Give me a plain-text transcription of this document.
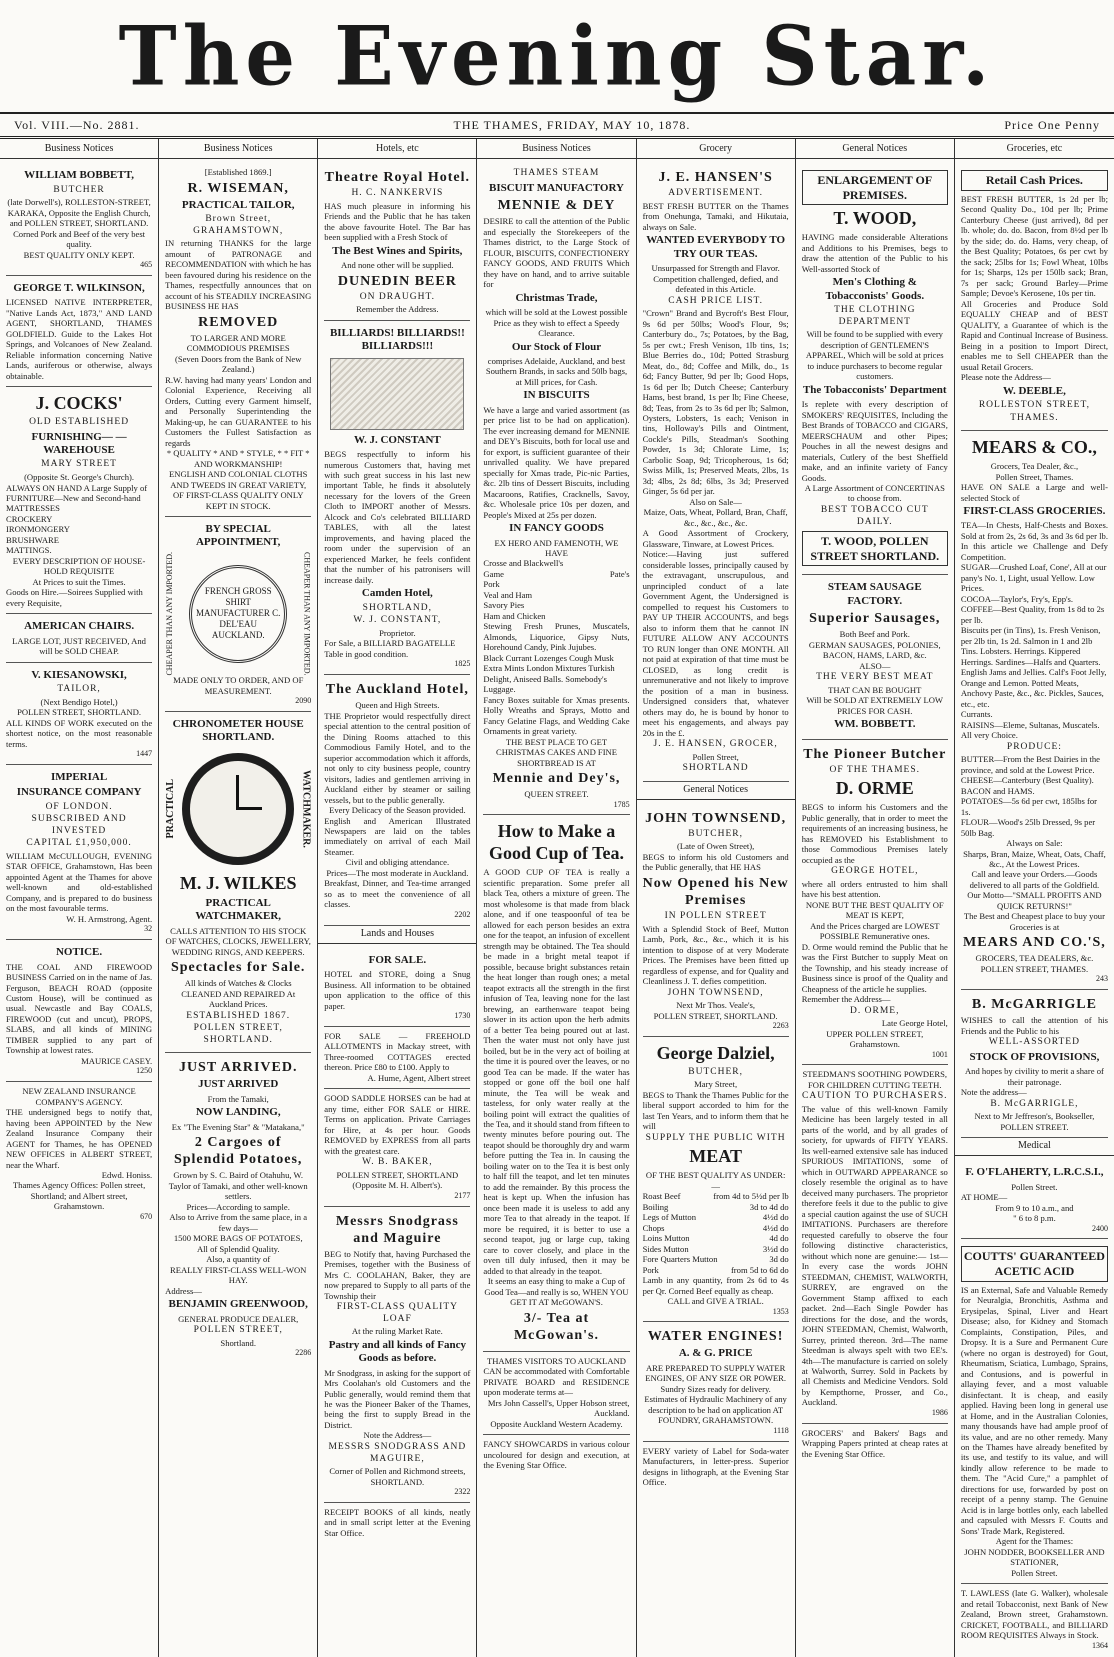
The Evening Star.
Vol. VIII.—No. 2881.	THE THAMES, FRIDAY, MAY 10, 1878.	Price One Penny
Business Notices
WILLIAM BOBBETT,
BUTCHER
(late Dorwell's), ROLLESTON-STREET, KARAKA, Opposite the English Church, and POLLEN STREET, SHORTLAND.
Corned Pork and Beef of the very best quality.
BEST QUALITY ONLY KEPT.
465
GEORGE T. WILKINSON,
LICENSED NATIVE INTERPRETER, "Native Lands Act, 1873," AND LAND AGENT, SHORTLAND, THAMES GOLDFIELD. Guide to the Lakes Hot Springs, and Volcanoes of New Zealand. Reliable information concerning Native Lands, auriferous or otherwise, always obtainable.
J. COCKS'
OLD ESTABLISHED
FURNISHING— —WAREHOUSE
MARY STREET
(Opposite St. George's Church).
ALWAYS ON HAND A Large Supply of FURNITURE—New and Second-hand
MATTRESSES
CROCKERY
IRONMONGERY
BRUSHWARE
MATTINGS.
EVERY DESCRIPTION OF HOUSE-HOLD REQUISITE
At Prices to suit the Times.
Goods on Hire.—Soirees Supplied with every Requisite,
AMERICAN CHAIRS.
LARGE LOT, JUST RECEIVED, And will be SOLD CHEAP.
V. KIESANOWSKI,
TAILOR,
(Next Bendigo Hotel,)
POLLEN STREET, SHORTLAND.
ALL KINDS OF WORK executed on the shortest notice, on the most reasonable terms.
1447
IMPERIAL
INSURANCE COMPANY
OF LONDON.
SUBSCRIBED AND INVESTED
CAPITAL £1,950,000.
WILLIAM McCULLOUGH, EVENING STAR OFFICE, Grahamstown, Has been appointed Agent at the Thames for above well-known and old-established Company, and is prepared to do business on the most favourable terms.
W. H. Armstrong, Agent.
32
NOTICE.
THE COAL AND FIREWOOD BUSINESS Carried on in the name of Jas. Ferguson, BEACH ROAD (opposite Custom House), will be continued as usual. Newcastle and Bay COALS, FIREWOOD (cut and uncut), PROPS, SLABS, and all kinds of MINING TIMBER supplied to any part of Township at lowest rates.
MAURICE CASEY.
1250
NEW ZEALAND INSURANCE COMPANY'S AGENCY.
THE undersigned begs to notify that, having been APPOINTED by the New Zealand Insurance Company their AGENT for Thames, he has OPENED NEW OFFICES in ALBERT STREET, near the Wharf.
Edwd. Honiss.
Thames Agency Offices: Pollen street, Shortland; and Albert street, Grahamstown.
670
Business Notices
[Established 1869.]
R. WISEMAN,
PRACTICAL TAILOR,
Brown Street, GRAHAMSTOWN,
IN returning THANKS for the large amount of PATRONAGE and RECOMMENDATION with which he has been favoured during his residence on the Thames, respectfully announces that on account of his STEADILY INCREASING BUSINESS HE HAS
REMOVED
TO LARGER AND MORE COMMODIOUS PREMISES
(Seven Doors from the Bank of New Zealand.)
R.W. having had many years' London and Colonial Experience, Receiving all Orders, Cutting every Garment himself, and Personally Superintending the Making-up, he can GUARANTEE to his Customers the Fullest Satisfaction as regards
* QUALITY * AND * STYLE, * * FIT * AND WORKMANSHIP!
ENGLISH AND COLONIAL CLOTHS AND TWEEDS IN GREAT VARIETY, OF FIRST-CLASS QUALITY ONLY KEPT IN STOCK.
BY SPECIAL APPOINTMENT,
CHEAPER THAN ANY IMPORTED.	FRENCH GROSS SHIRT MANUFACTURER C. DEL'EAU AUCKLAND.	CHEAPER THAN ANY IMPORTED.
MADE ONLY TO ORDER, AND OF MEASUREMENT.
2090
CHRONOMETER HOUSE SHORTLAND.
PRACTICAL	WATCHMAKER.
M. J. WILKES
PRACTICAL WATCHMAKER,
CALLS ATTENTION TO HIS STOCK OF WATCHES, CLOCKS, JEWELLERY, WEDDING RINGS, AND KEEPERS.
Spectacles for Sale.
All kinds of Watches & Clocks CLEANED AND REPAIRED At Auckland Prices.
ESTABLISHED 1867.
POLLEN STREET, SHORTLAND.
JUST ARRIVED.
JUST ARRIVED
From the Tamaki,
NOW LANDING,
Ex "The Evening Star" & "Matakana,"
2 Cargoes of Splendid Potatoes,
Grown by S. C. Baird of Otahuhu, W. Taylor of Tamaki, and other well-known settlers.
Prices—According to sample.
Also to Arrive from the same place, in a few days—
1500 MORE BAGS OF POTATOES,
All of Splendid Quality.
Also, a quantity of
REALLY FIRST-CLASS WELL-WON HAY.
Address—
BENJAMIN GREENWOOD,
GENERAL PRODUCE DEALER,
POLLEN STREET,
Shortland.
2286
Hotels, etc
Theatre Royal Hotel.
H. C. NANKERVIS
HAS much pleasure in informing his Friends and the Public that he has taken the above favourite Hotel. The Bar has been supplied with a Fresh Stock of
The Best Wines and Spirits,
And none other will be supplied.
DUNEDIN BEER
ON DRAUGHT.
Remember the Address.
BILLIARDS! BILLIARDS!! BILLIARDS!!!
W. J. CONSTANT
BEGS respectfully to inform his numerous Customers that, having met with such great success in his last new important Table, he finds it absolutely necessary for the lovers of the Green Cloth to IMPORT another of Messrs. Alcock and Co's celebrated BILLIARD TABLES, with all the latest improvements, and having placed the room under the supervision of an experienced Marker, he feels confident that the number of his patronisers will increase daily.
Camden Hotel,
SHORTLAND,
W. J. CONSTANT,
Proprietor.
For Sale, a BILLIARD BAGATELLE Table in good condition.
1825
The Auckland Hotel,
Queen and High Streets.
THE Proprietor would respectfully direct special attention to the central position of the Dining Rooms attached to this Commodious Family Hotel, and to the superior accommodation which it affords, not only to city business people, country visitors, ladies and gentlemen arriving in Auckland either by steamer or sailing vessels, but to the public generally.
Every Delicacy of the Season provided.
English and American Illustrated Newspapers are laid on the tables immediately on arrival of each Mail Steamer.
Civil and obliging attendance.
Prices—The most moderate in Auckland.
Breakfast, Dinner, and Tea-time arranged so as to meet the convenience of all classes.
2202
Lands and Houses
FOR SALE.
HOTEL and STORE, doing a Snug Business. All information to be obtained upon application to the office of this paper.
1730
FOR SALE — FREEHOLD ALLOTMENTS in Mackay street, with Three-roomed COTTAGES erected thereon. Price £80 to £100. Apply to
A. Hume, Agent, Albert street
GOOD SADDLE HORSES can be had at any time, either FOR SALE or HIRE. Terms on application. Private Carriages for Hire, at 4s per hour. Goods REMOVED by EXPRESS from all parts with the greatest care.
W. B. BAKER,
POLLEN STREET, SHORTLAND
(Opposite M. H. Albert's).
2177
Messrs Snodgrass and Maguire
BEG to Notify that, having Purchased the Premises, together with the Business of Mrs C. COOLAHAN, Baker, they are now prepared to Supply to all parts of the Township their
FIRST-CLASS QUALITY LOAF
At the ruling Market Rate.
Pastry and all kinds of Fancy Goods as before.
Mr Snodgrass, in asking for the support of Mrs Coolahan's old Customers and the Public generally, would remind them that he was the Pioneer Baker of the Thames, being the first to supply Bread in the District.
Note the Address—
MESSRS SNODGRASS AND MAGUIRE,
Corner of Pollen and Richmond streets, SHORTLAND.
2322
RECEIPT BOOKS of all kinds, neatly and in small script letter at the Evening Star Office.
Business Notices
THAMES STEAM
BISCUIT MANUFACTORY
MENNIE & DEY
DESIRE to call the attention of the Public and especially the Storekeepers of the Thames district, to the Large Stock of FLOUR, BISCUITS, CONFECTIONERY FANCY GOODS, AND FRUITS Which they have on hand, and to arrive suitable for
Christmas Trade,
which will be sold at the Lowest possible Price as they wish to effect a Speedy Clearance.
Our Stock of Flour
comprises Adelaide, Auckland, and best Southern Brands, in sacks and 50lb bags, at Mill prices, for Cash.
IN BISCUITS
We have a large and varied assortment (as per price list to be had on application). The ever increasing demand for MENNIE and DEY's Biscuits, both for local use and for export, is sufficient guarantee of their unrivalled quality. We have prepared specially for Xmas trade, Pic-nic Parties, &c. 2lb tins of Dessert Biscuits, including Macaroons, Ratifies, Cracknells, Savoy, &c. Wholesale price 10s per dozen, and People's Mixed at 25s per dozen.
IN FANCY GOODS
EX HERO AND FAMENOTH, WE HAVE
Crosse and Blackwell's
Game	Pate's
Pork
Veal and Ham
Savory Pies
Ham and Chicken
Stewing Fresh Prunes, Muscatels, Almonds, Liquorice, Gipsy Nuts, Horehound Candy, Pink Jujubes.
Black Currant Lozenges Cough Musk Extra Mints London Mixtures Turkish Delight, Aniseed Balls. Somebody's Luggage.
Fancy Boxes suitable for Xmas presents. Holly Wreaths and Sprays, Motto and Fancy Gelatine Flags, and Wedding Cake Ornaments in great variety.
THE BEST PLACE TO GET CHRISTMAS CAKES AND FINE SHORTBREAD IS AT
Mennie and Dey's,
QUEEN STREET.
1785
How to Make a Good Cup of Tea.
A GOOD CUP OF TEA is really a scientific preparation. Some prefer all black Tea, others a mixture of green. The most wholesome is that made from black alone, and if one teaspoonful of tea be allowed for each person besides an extra one for the teapot, an infusion of excellent strength may be obtained. The Tea should be made in a bright metal teapot if possible, because bright substances retain the heat longer than rough ones; a metal teapot extracts all the strength in the first infusion of Tea, leaving none for the last brewing, an earthenware teapot being slower in its action upon the herb admits of a better Tea being poured out at last. Then the water must not only have just boiled, but be in the very act of boiling at the time it is poured over the leaves, or no good Tea can be made. If the water has stopped or gone off the boil one half minute, the Tea will be weak and tasteless, for only water really at the boiling point will extract the qualities of the Tea, and it should stand from fifteen to twenty minutes before pouring out. The teapot should be thoroughly dry and warm before putting the Tea in. In causing the boiling water on to the Tea it is best only to half fill the teapot, and let ten minutes to add the remainder. By this process the heat is kept up. When the infusion has once been made it is useless to add any more Tea to that already in the teapot. If more be required, it is better to use a second teapot, jug or large cup, taking care to cover closely, and place in the oven till duly infused, then it may be added to that already in the teapot.
It seems an easy thing to make a Cup of Good Tea—and really is so, WHEN YOU GET IT AT McGOWAN'S.
3/- Tea at McGowan's.
THAMES VISITORS TO AUCKLAND
CAN be accommodated with Comfortable PRIVATE BOARD and RESIDENCE upon moderate terms at—
Mrs John Cassell's, Upper Hobson street, Auckland.
Opposite Auckland Western Academy.
FANCY SHOWCARDS in various colour uncoloured for design and execution, at the Evening Star Office.
Grocery
J. E. HANSEN'S
ADVERTISEMENT.
BEST FRESH BUTTER on the Thames from Onehunga, Tamaki, and Hikutaia, always on Sale.
WANTED EVERYBODY TO TRY OUR TEAS.
Unsurpassed for Strength and Flavor. Competition challenged, defied, and defeated in this Article.
CASH PRICE LIST.
"Crown" Brand and Bycroft's Best Flour, 9s 6d per 50lbs; Wood's Flour, 9s; Canterbury do., 7s; Potatoes, by the Bag, 5s per cwt.; Fresh Venison, 1lb tins, 1s; Blue Berries do., 10d; Potted Strasburg Meat, do., 8d; Coffee and Milk, do., 1s 6d; Fancy Butter, 9d per lb; Good Hops, 1s 6d per lb; Dutch Cheese; Canterbury Hams, best brand, 1s per lb; Fine Cheese, 8d; Teas, from 2s to 3s 6d per lb; Salmon, Oysters, Lobsters, 1s each; Venison in tins, Holloway's Pills and Ointment, Cockle's Pills, Steadman's Soothing Powder, 1s 3d; Chlorate Lime, 1s; Carbolic Soap, 9d; Tricopherous, 1s 6d; Swiss Milk, 1s; Preserved Meats, 2lbs, 1s 3d; 4lbs, 2s 8d; 6lbs, 3s 3d; Preserved Ginger, 5s 6d per jar.
Also on Sale—
Maize, Oats, Wheat, Pollard, Bran, Chaff, &c., &c., &c., &c.
A Good Assortment of Crockery, Glassware, Tinware, at Lowest Prices.
Notice:—Having just suffered considerable losses, principally caused by the extravagant, unscrupulous, and unprincipled conduct of a late Government Agent, the Undersigned is compelled to request his Customers to PAY UP THEIR ACCOUNTS, and begs also to inform them that he cannot IN FUTURE ALLOW ANY ACCOUNTS TO RUN longer than ONE MONTH. All not paid at expiration of that time must be CLOSED, as long credit is unremunerative and not likely to improve the position of a man in business. Undersigned considers that, whatever others may do, he is bound by honor to meet his engagements, and always pay 20s in the £.
J. E. HANSEN, GROCER,
Pollen Street,
SHORTLAND
General Notices
JOHN TOWNSEND,
BUTCHER,
(Late of Owen Street),
BEGS to inform his old Customers and the Public generally, that HE HAS
Now Opened his New Premises
IN POLLEN STREET
With a Splendid Stock of Beef, Mutton Lamb, Pork, &c., &c., which it is his intention to dispose of at very Moderate Prices. The Premises have been fitted up regardless of expense, and for Quality and Cleanliness J. T. defies competition.
JOHN TOWNSEND,
Next Mr Thos. Veale's,
POLLEN STREET, SHORTLAND.
2263
George Dalziel,
BUTCHER,
Mary Street,
BEGS to Thank the Thames Public for the liberal support accorded to him for the last Ten Years, and to inform them that he will
SUPPLY THE PUBLIC WITH
MEAT
OF THE BEST QUALITY AS UNDER:—
Roast Beef	from 4d to 5½d per lb
Boiling	3d to 4d do
Legs of Mutton	4½d do
Chops	4½d do
Loins Mutton	4d do
Sides Mutton	3½d do
Fore Quarters Mutton	3d do
Pork	from 5d to 6d do
Lamb in any quantity, from 2s 6d to 4s per Qr. Corned Beef equally as cheap.
CALL and GIVE A TRIAL.
1353
WATER ENGINES!
A. & G. PRICE
ARE PREPARED TO SUPPLY WATER ENGINES, OF ANY SIZE OR POWER.
Sundry Sizes ready for delivery.
Estimates of Hydraulic Machinery of any description to be had on application AT FOUNDRY, GRAHAMSTOWN.
1118
EVERY variety of Label for Soda-water Manufacturers, in letter-press. Superior designs in lithograph, at the Evening Star Office.
General Notices
ENLARGEMENT OF PREMISES.
T. WOOD,
HAVING made considerable Alterations and Additions to his Premises, begs to draw the attention of the Public to his Well-assorted Stock of
Men's Clothing & Tobacconists' Goods.
THE CLOTHING DEPARTMENT
Will be found to be supplied with every description of GENTLEMEN'S APPAREL, Which will be sold at prices to induce purchasers to become regular customers.
The Tobacconists' Department
Is replete with every description of SMOKERS' REQUISITES, Including the Best Brands of TOBACCO and CIGARS, MEERSCHAUM and other Pipes; Pouches in all the newest designs and materials, Cutlery of the best Sheffield make, and an infinite variety of Fancy Goods.
A Large Assortment of CONCERTINAS to choose from.
BEST TOBACCO CUT DAILY.
T. WOOD, POLLEN STREET SHORTLAND.
STEAM SAUSAGE FACTORY.
Superior Sausages,
Both Beef and Pork.
GERMAN SAUSAGES, POLONIES, BACON, HAMS, LARD, &c.
ALSO—
THE VERY BEST MEAT
THAT CAN BE BOUGHT
Will be SOLD AT EXTREMELY LOW PRICES FOR CASH.
WM. BOBBETT.
The Pioneer Butcher
OF THE THAMES.
D. ORME
BEGS to inform his Customers and the Public generally, that in order to meet the requirements of an increasing business, he has REMOVED his Establishment to those Commodious Premises lately occupied as the
GEORGE HOTEL,
where all orders entrusted to him shall have his best attention.
NONE BUT THE BEST QUALITY OF MEAT IS KEPT,
And the Prices charged are LOWEST POSSIBLE Remunerative ones.
D. Orme would remind the Public that he was the First Butcher to supply Meat on the Township, and his steady increase of Business since is proof of the Quality and Cheapness of the article he supplies.
Remember the Address—
D. ORME,
Late George Hotel,
UPPER POLLEN STREET,
Grahamstown.
1001
STEEDMAN'S SOOTHING POWDERS, FOR CHILDREN CUTTING TEETH.
CAUTION TO PURCHASERS.
The value of this well-known Family Medicine has been largely tested in all parts of the world, and by all grades of society, for upwards of FIFTY YEARS. Its well-earned extensive sale has induced SPURIOUS IMITATIONS, some of which in OUTWARD APPEARANCE so closely resemble the original as to have deceived many purchasers. The proprietor therefore feels it due to the public to give a special caution against the use of SUCH IMITATIONS. Purchasers are therefore requested carefully to observe the four following distinctive characteristics, without which none are genuine:— 1st—In every case the words JOHN STEEDMAN, CHEMIST, WALWORTH, SURREY, are engraved on the Government Stamp affixed to each packet. 2nd—Each Single Powder has directions for the dose, and the words, JOHN STEEDMAN, Chemist, Walworth, Surrey, printed thereon. 3rd—The name Steedman is always spelt with two EE's. 4th—The manufacture is carried on solely at Walworth, Surrey. Sold in Packets by all Chemists and Medicine Vendors. Sold by Kempthorne, Prosser, and Co., Auckland.
1986
GROCERS' and Bakers' Bags and Wrapping Papers printed at cheap rates at the Evening Star Office.
Groceries, etc
Retail Cash Prices.
BEST FRESH BUTTER, 1s 2d per lb; Second Quality Do., 10d per lb; Prime Canterbury Cheese (just arrived), 8d per lb. whole; do. do. Bacon, from 8½d per lb by the side; do. do. Hams, very cheap, of the Best Quality; Potatoes, 6s per cwt by the sack; 25lbs for 1s; Fowl Wheat, 10lbs for 1s; Sharps, 12s per 150lb sack; Bran, 7s per sack; Ground Barley—Prime Sample; Devoe's Kerosene, 10s per tin.
All Groceries and Produce Sold EQUALLY CHEAP and of BEST QUALITY, a Guarantee of which is the Rapid and Continual Increase of Business. Being in a position to Import Direct, enables me to Sell CHEAPER than the usual Retail Grocers.
Please note the Address—
W. DEEBLE,
ROLLESTON STREET,
THAMES.
MEARS & CO.,
Grocers, Tea Dealer, &c.,
Pollen Street, Thames.
HAVE ON SALE a Large and well-selected Stock of
FIRST-CLASS GROCERIES.
TEA—In Chests, Half-Chests and Boxes. Sold at from 2s, 2s 6d, 3s and 3s 6d per lb. In this article we Challenge and Defy Competition.
SUGAR—Crushed Loaf, Cone', All at our pany's No. 1, Light, usual Yellow. Low Prices.
COCOA—Taylor's, Fry's, Epp's.
COFFEE—Best Quality, from 1s 8d to 2s per lb.
Biscuits per (in Tins), 1s. Fresh Venison, per 2lb tin, 1s 2d. Salmon in 1 and 2lb Tins. Lobsters. Herrings. Kippered Herrings. Sardines—Halfs and Quarters. English Jams and Jellies. Calf's Foot Jelly, Orange and Lemon. Potted Meats, Anchovy Paste, &c., &c. Pickles, Sauces, etc., etc.
Currants.
RAISINS—Eleme, Sultanas, Muscatels. All very Choice.
PRODUCE:
BUTTER—From the Best Dairies in the province, and sold at the Lowest Price.
CHEESE—Canterbury (Best Quality). BACON and HAMS.
POTATOES—5s 6d per cwt, 185lbs for 1s.
FLOUR—Wood's 25lb Dressed, 9s per 50lb Bag.
Always on Sale:
Sharps, Bran, Maize, Wheat, Oats, Chaff, &c., At the Lowest Prices.
Call and leave your Orders.—Goods delivered to all parts of the Goldfield.
Our Motto—"SMALL PROFITS AND QUICK RETURNS!"
The Best and Cheapest place to buy your Groceries is at
MEARS AND CO.'S,
GROCERS, TEA DEALERS, &c.
POLLEN STREET, THAMES.
243
B. McGARRIGLE
WISHES to call the attention of his Friends and the Public to his
WELL-ASSORTED
STOCK OF PROVISIONS,
And hopes by civility to merit a share of their patronage.
Note the address—
B. McGARRIGLE,
Next to Mr Jeffreson's, Bookseller,
POLLEN STREET.
Medical
F. O'FLAHERTY, L.R.C.S.I.,
Pollen Street.
AT HOME—
From 9 to 10 a.m., and
" 6 to 8 p.m.
2400
COUTTS' GUARANTEED ACETIC ACID
IS an External, Safe and Valuable Remedy for Neuralgia, Bronchitis, Asthma and Erysipelas, Spinal, Liver and Heart Disease; also, for Kidney and Stomach Complaints, Constipation, Piles, and Dropsy. It is a Sure and Permanent Cure (where no organ is destroyed) for Gout, Rheumatism, Sciatica, Lumbago, Sprains, and Contusions, and is powerful in allaying fever, and a most valuable disinfectant. It is cheap, and easily applied. Having been long in general use at Home, and in the Australian Colonies, many thousands have had ample proof of its value, and are no other remedy. Many on the Thames have already benefited by its use, and testify to its value, and will kindly allow reference to be made to them. The "Acid Cure," a pamphlet of directions for use, forwarded by post on receipt of a penny stamp. The Genuine Acid is in large bottles only, each labelled and capsuled with Messrs F. Coutts and Sons' Trade Mark, Registered.
Agent for the Thames:
JOHN NODDER, BOOKSELLER AND STATIONER,
Pollen Street.
T. LAWLESS (late G. Walker), wholesale and retail Tobacconist, next Bank of New Zealand, Brown street, Grahamstown. CRICKET, FOOTBALL, and BILLIARD ROOM REQUISITES Always in Stock.
1364
